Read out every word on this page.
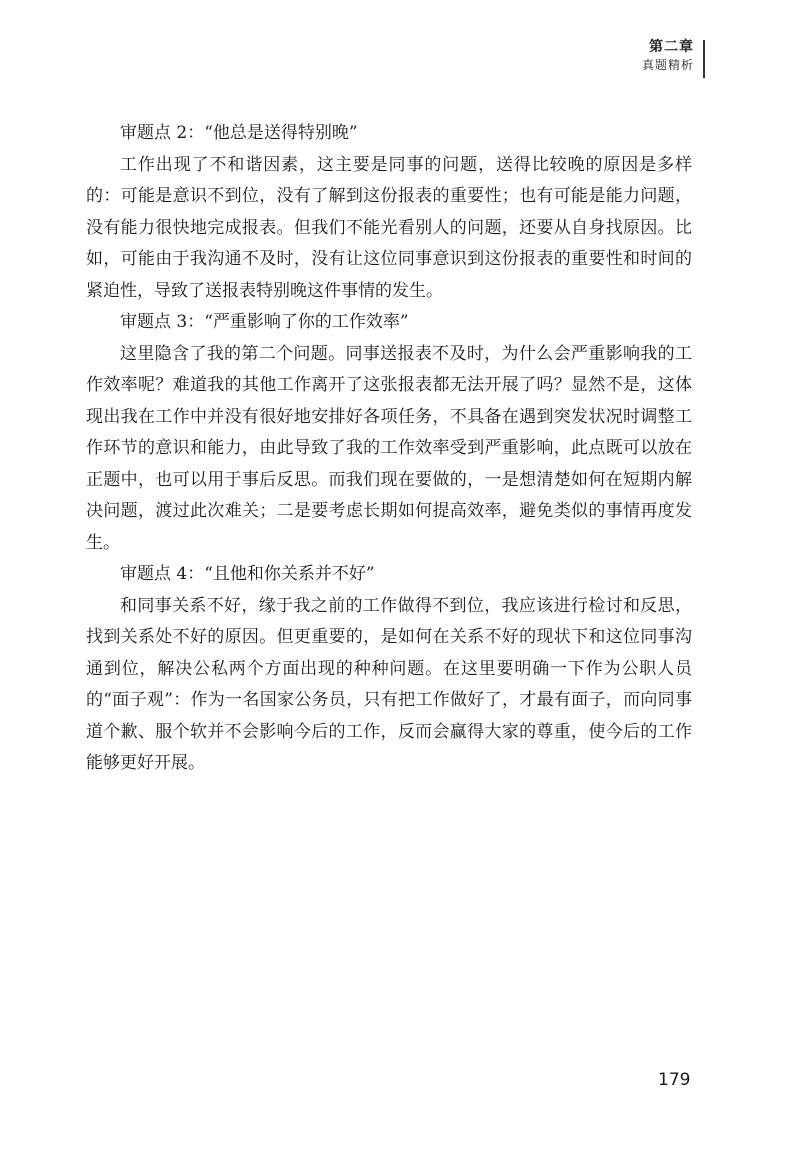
第二章
真题精析

审题点 2：“他总是送得特别晚”

工作出现了不和谐因素，这主要是同事的问题，送得比较晚的原因是多样的：可能是意识不到位，没有了解到这份报表的重要性；也有可能是能力问题，没有能力很快地完成报表。但我们不能光看别人的问题，还要从自身找原因。比如，可能由于我沟通不及时，没有让这位同事意识到这份报表的重要性和时间的紧迫性，导致了送报表特别晚这件事情的发生。

审题点 3：“严重影响了你的工作效率”

这里隐含了我的第二个问题。同事送报表不及时，为什么会严重影响我的工作效率呢？难道我的其他工作离开了这张报表都无法开展了吗？显然不是，这体现出我在工作中并没有很好地安排好各项任务，不具备在遇到突发状况时调整工作环节的意识和能力，由此导致了我的工作效率受到严重影响，此点既可以放在正题中，也可以用于事后反思。而我们现在要做的，一是想清楚如何在短期内解决问题，渡过此次难关；二是要考虑长期如何提高效率，避免类似的事情再度发生。

审题点 4：“且他和你关系并不好”

和同事关系不好，缘于我之前的工作做得不到位，我应该进行检讨和反思，找到关系处不好的原因。但更重要的，是如何在关系不好的现状下和这位同事沟通到位，解决公私两个方面出现的种种问题。在这里要明确一下作为公职人员的“面子观”：作为一名国家公务员，只有把工作做好了，才最有面子，而向同事道个歉、服个软并不会影响今后的工作，反而会赢得大家的尊重，使今后的工作能够更好开展。

179
